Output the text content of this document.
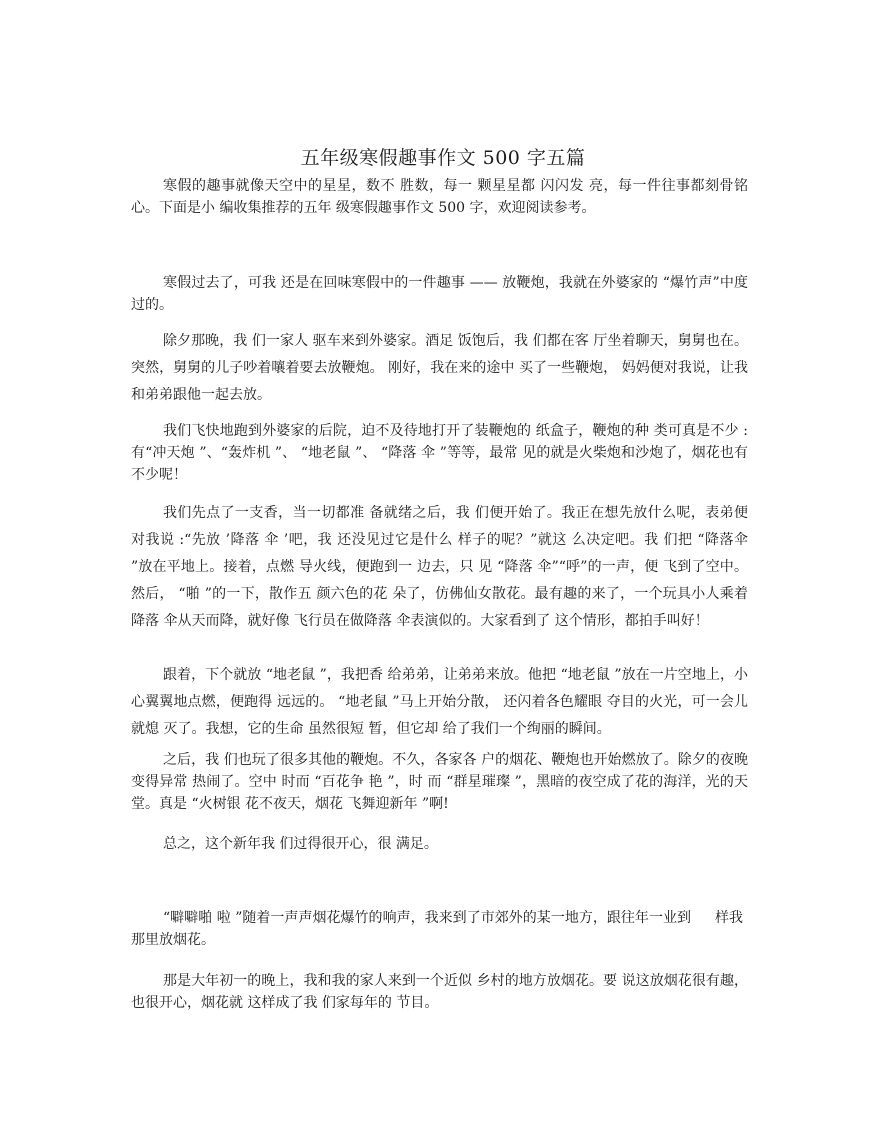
五年级寒假趣事作文 500 字五篇

寒假的趣事就像天空中的星星，数不 胜数，每一 颗星星都 闪闪发 亮，每一件往事都刻骨铭心。下面是小 编收集推荐的五年 级寒假趣事作文 500 字，欢迎阅读参考。

寒假过去了，可我 还是在回味寒假中的一件趣事 —— 放鞭炮，我就在外婆家的 “爆竹声”中度过的。

除夕那晚，我 们一家人 驱车来到外婆家。酒足 饭饱后，我 们都在客 厅坐着聊天，舅舅也在。突然，舅舅的儿子吵着嚷着要去放鞭炮。 刚好，我在来的途中 买了一些鞭炮， 妈妈便对我说，让我和弟弟跟他一起去放。

我们飞快地跑到外婆家的后院，迫不及待地打开了装鞭炮的 纸盒子，鞭炮的种 类可真是不少 :有“冲天炮 ”、“轰炸机 ”、 “地老鼠 ”、 “降落 伞 ”等等，最常 见的就是火柴炮和沙炮了，烟花也有不少呢！

我们先点了一支香，当一切都准 备就绪之后，我 们便开始了。我正在想先放什么呢，表弟便 对我说 :“先放 ’降落 伞 ’吧，我 还没见过它是什么 样子的呢？”就这 么决定吧。我 们把 “降落伞 ”放在平地上。接着，点燃 导火线，便跑到一 边去，只 见 “降落 伞”“呼”的一声，便 飞到了空中。然后， “啪 ”的一下，散作五 颜六色的花 朵了，仿佛仙女散花。最有趣的来了，一个玩具小人乘着降落 伞从天而降，就好像 飞行员在做降落 伞表演似的。大家看到了 这个情形，都拍手叫好！

跟着，下个就放 “地老鼠 ”，我把香 给弟弟，让弟弟来放。他把 “地老鼠 ”放在一片空地上，小心翼翼地点燃，便跑得 远远的。 “地老鼠 ”马上开始分散， 还闪着各色耀眼 夺目的火光，可一会儿就熄 灭了。我想，它的生命 虽然很短 暂，但它却 给了我们一个绚丽的瞬间。

之后，我 们也玩了很多其他的鞭炮。不久，各家各 户的烟花、鞭炮也开始燃放了。除夕的夜晚 变得异常 热闹了。空中 时而 “百花争 艳 ”，时 而 “群星璀璨 ”，黑暗的夜空成了花的海洋，光的天堂。真是 “火树银 花不夜天，烟花 飞舞迎新年 ”啊!

总之，这个新年我 们过得很开心，很 满足。

“噼噼啪 啦 ”随着一声声烟花爆竹的响声，我来到了市郊外的某一地方，跟往年一业到那里放烟花。

样我

那是大年初一的晚上，我和我的家人来到一个近似 乡村的地方放烟花。要 说这放烟花很有趣，也很开心，烟花就 这样成了我 们家每年的 节目。
